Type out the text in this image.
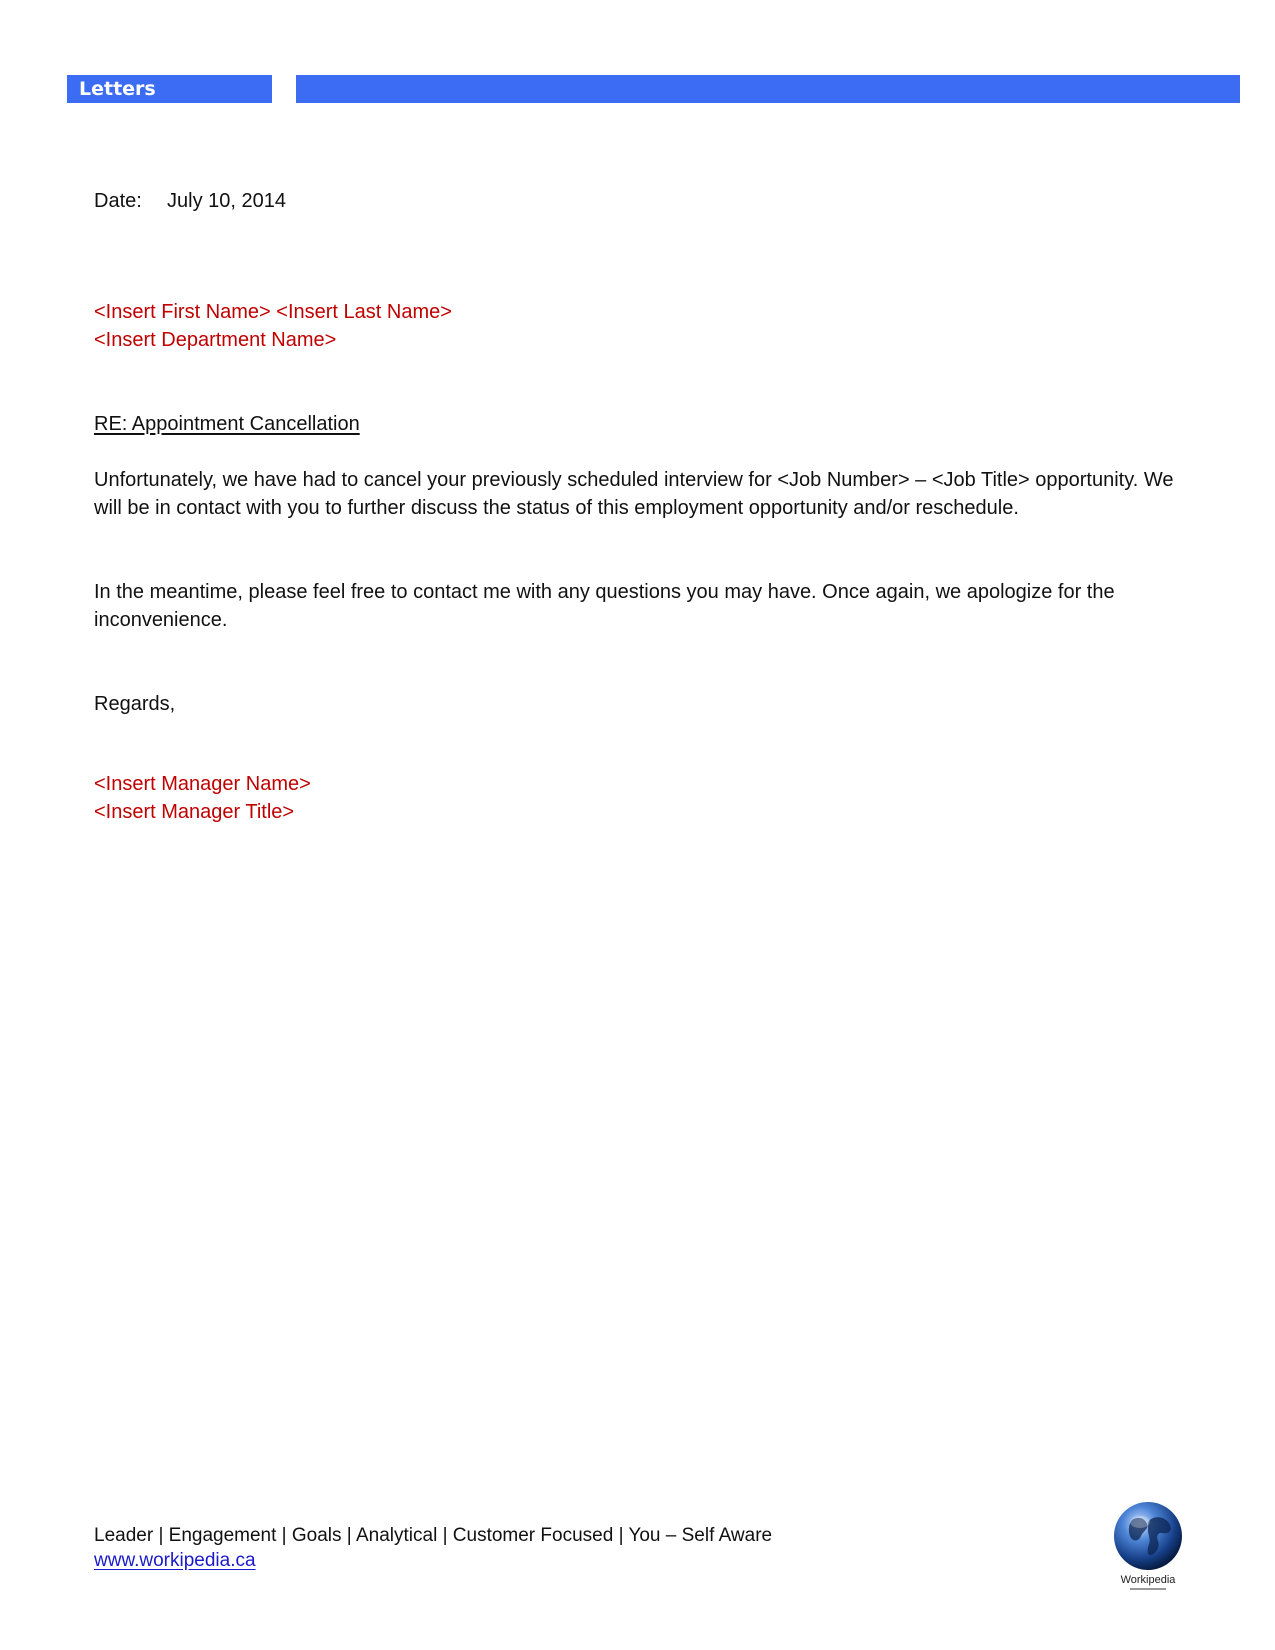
Letters
Date: July 10, 2014
<Insert First Name> <Insert Last Name>
<Insert Department Name>
RE: Appointment Cancellation
Unfortunately, we have had to cancel your previously scheduled interview for <Job Number> – <Job Title> opportunity. We will be in contact with you to further discuss the status of this employment opportunity and/or reschedule.
In the meantime, please feel free to contact me with any questions you may have. Once again, we apologize for the inconvenience.
Regards,
<Insert Manager Name>
<Insert Manager Title>
Leader | Engagement | Goals | Analytical | Customer Focused | You – Self Aware
www.workipedia.ca
Workipedia
